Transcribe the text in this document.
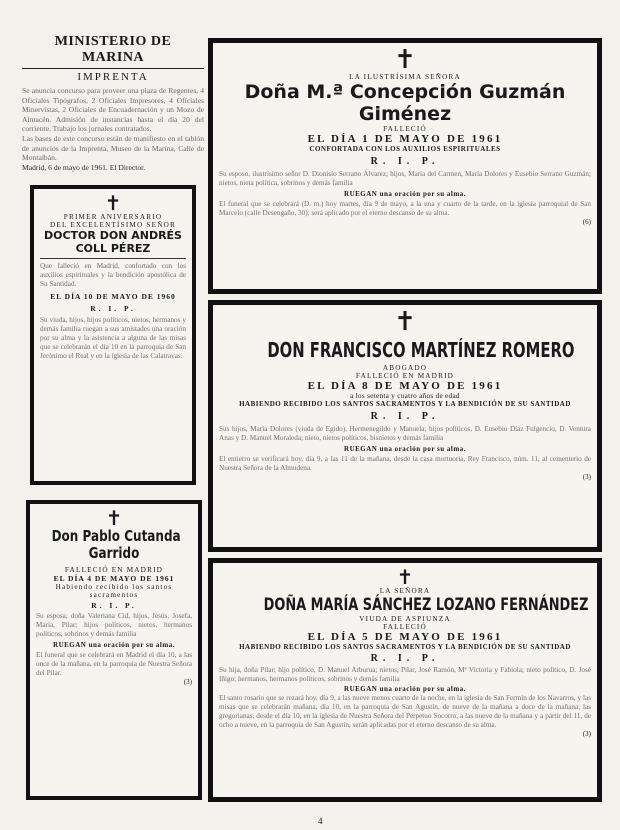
MINISTERIO DE MARINA

IMPRENTA

Se anuncia concurso para proveer una plaza de Regentes, 4 Oficiales Tipógrafos, 2 Oficiales Impresores, 4 Oficiales Minervistas, 2 Oficiales de Encuadernación y un Mozo de Almacén. Admisión de instancias hasta el día 20 del corriente. Trabajo los jornales contratados.

Las bases de este concurso están de manifiesto en el tablón de anuncios de la Imprenta, Museo de la Marina, Calle de Montalbán.

Madrid, 6 de mayo de 1961. El Director.

✝

PRIMER ANIVERSARIO

DEL EXCELENTÍSIMO SEÑOR

DOCTOR DON ANDRÉS

COLL PÉREZ

Que falleció en Madrid, confortado con los auxilios espirituales y la bendición apostólica de Su Santidad.

EL DÍA 10 DE MAYO DE 1960

R. I. P.

Su viuda, hijos, hijos políticos, nietos, hermanos y demás familia ruegan a sus amistades una oración por su alma y la asistencia a alguna de las misas que se celebrarán el día 10 en la parroquia de San Jerónimo el Real y en la iglesia de las Calatravas.

✝

Don Pablo Cutanda

Garrido

FALLECIÓ EN MADRID

EL DÍA 4 DE MAYO DE 1961

Habiendo recibido los santos sacramentos

R. I. P.

Su esposa, doña Valeriana Cid, hijos, Jesús, Josefa, María, Pilar; hijos políticos, nietos, hermanos políticos, sobrinos y demás familia

RUEGAN una oración por su alma.

El funeral que se celebrará en Madrid el día 10, a las once de la mañana, en la parroquia de Nuestra Señora del Pilar.

(3)

✝

LA ILUSTRÍSIMA SEÑORA

Doña M.ª Concepción Guzmán

Giménez

FALLECIÓ

EL DÍA 1 DE MAYO DE 1961

CONFORTADA CON LOS AUXILIOS ESPIRITUALES

R. I. P.

Su esposo, ilustrísimo señor D. Dionisio Serrano Álvarez; hijos, María del Carmen, María Dolores y Eusebio Serrano Guzmán; nietos, nieta política, sobrinos y demás familia

RUEGAN una oración por su alma.

El funeral que se celebrará (D. m.) hoy martes, día 9 de mayo, a la una y cuarto de la tarde, en la iglesia parroquial de San Marcelo (calle Desengaño, 30); será aplicado por el eterno descanso de su alma.

(6)

✝

DON FRANCISCO MARTÍNEZ ROMERO

ABOGADO

FALLECIÓ EN MADRID

EL DÍA 8 DE MAYO DE 1961

a los setenta y cuatro años de edad

HABIENDO RECIBIDO LOS SANTOS SACRAMENTOS Y LA BENDICIÓN DE SU SANTIDAD

R. I. P.

Sus hijos, María Dolores (viuda de Egido), Hermenegildo y Manuela; hijos políticos, D. Eusebio Díaz Fulgencio, D. Ventura Anas y D. Manuel Moraleda; nieto, nietos políticos, bisnietos y demás familia

RUEGAN una oración por su alma.

El entierro se verificará hoy, día 9, a las 11 de la mañana, desde la casa mortuoria, Rey Francisco, núm. 11, al cementerio de Nuestra Señora de la Almudena.

(3)

✝

LA SEÑORA

DOÑA MARÍA SÁNCHEZ LOZANO FERNÁNDEZ

VIUDA DE ASPIUNZA

FALLECIÓ

EL DÍA 5 DE MAYO DE 1961

HABIENDO RECIBIDO LOS SANTOS SACRAMENTOS Y LA BENDICIÓN DE SU SANTIDAD

R. I. P.

Su hija, doña Pilar; hijo político, D. Manuel Arburua; nietos, Pilar, José Ramón, Mª Victoria y Fabiola; nieto político, D. José Iñigo; hermanos, hermanos políticos, sobrinos y demás familia

RUEGAN una oración por su alma.

El santo rosario que se rezará hoy, día 9, a las nueve menos cuarto de la noche, en la iglesia de San Fermín de los Navarros, y las misas que se celebrarán mañana, día 10, en la parroquia de San Agustín, de nueve de la mañana a doce de la mañana; las gregorianas, desde el día 10, en la iglesia de Nuestra Señora del Perpetuo Socorro, a las nueve de la mañana y a partir del 11, de ocho a nueve, en la parroquia de San Agustín, serán aplicadas por el eterno descanso de su alma.

(3)

4
